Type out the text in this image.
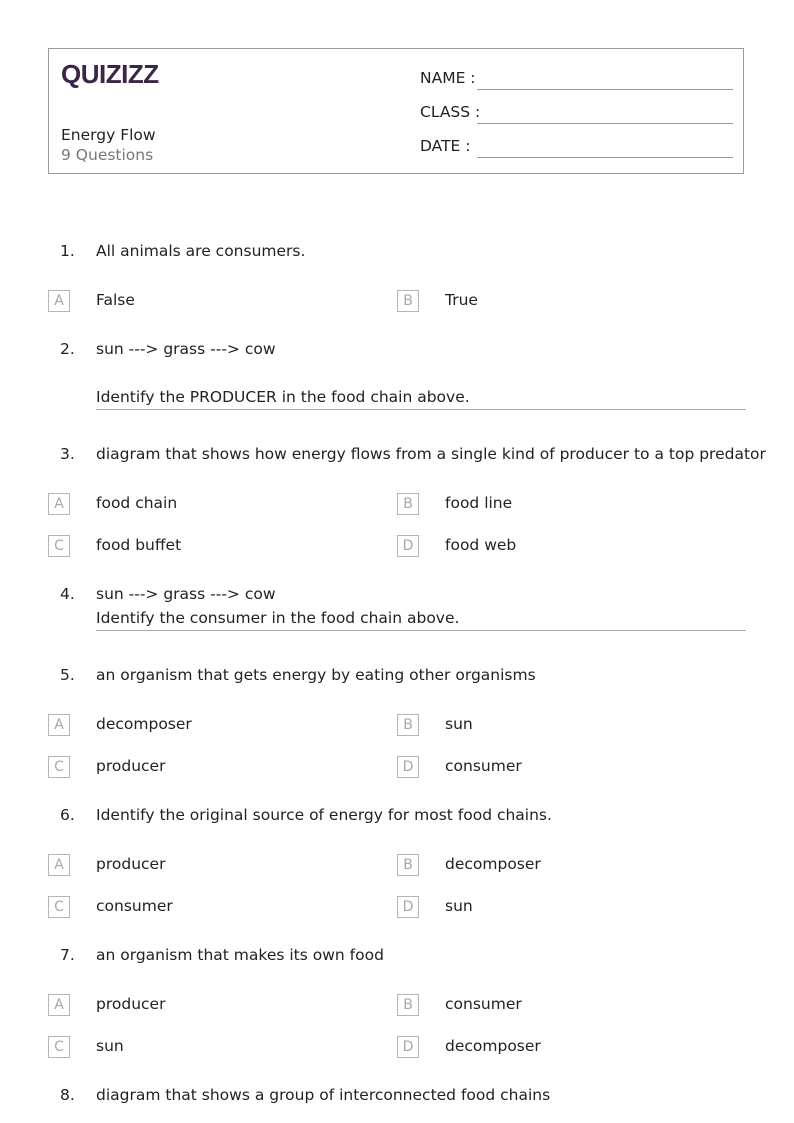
QUIZIZZ
Energy Flow
9 Questions
NAME :
CLASS :
DATE :
1. All animals are consumers.
A	False	B	True
2. sun ---> grass ---> cow
Identify the PRODUCER in the food chain above.
3. diagram that shows how energy flows from a single kind of producer to a top predator
A	food chain	B	food line
C	food buffet	D	food web
4. sun ---> grass ---> cow
Identify the consumer in the food chain above.
5. an organism that gets energy by eating other organisms
A	decomposer	B	sun
C	producer	D	consumer
6. Identify the original source of energy for most food chains.
A	producer	B	decomposer
C	consumer	D	sun
7. an organism that makes its own food
A	producer	B	consumer
C	sun	D	decomposer
8. diagram that shows a group of interconnected food chains
